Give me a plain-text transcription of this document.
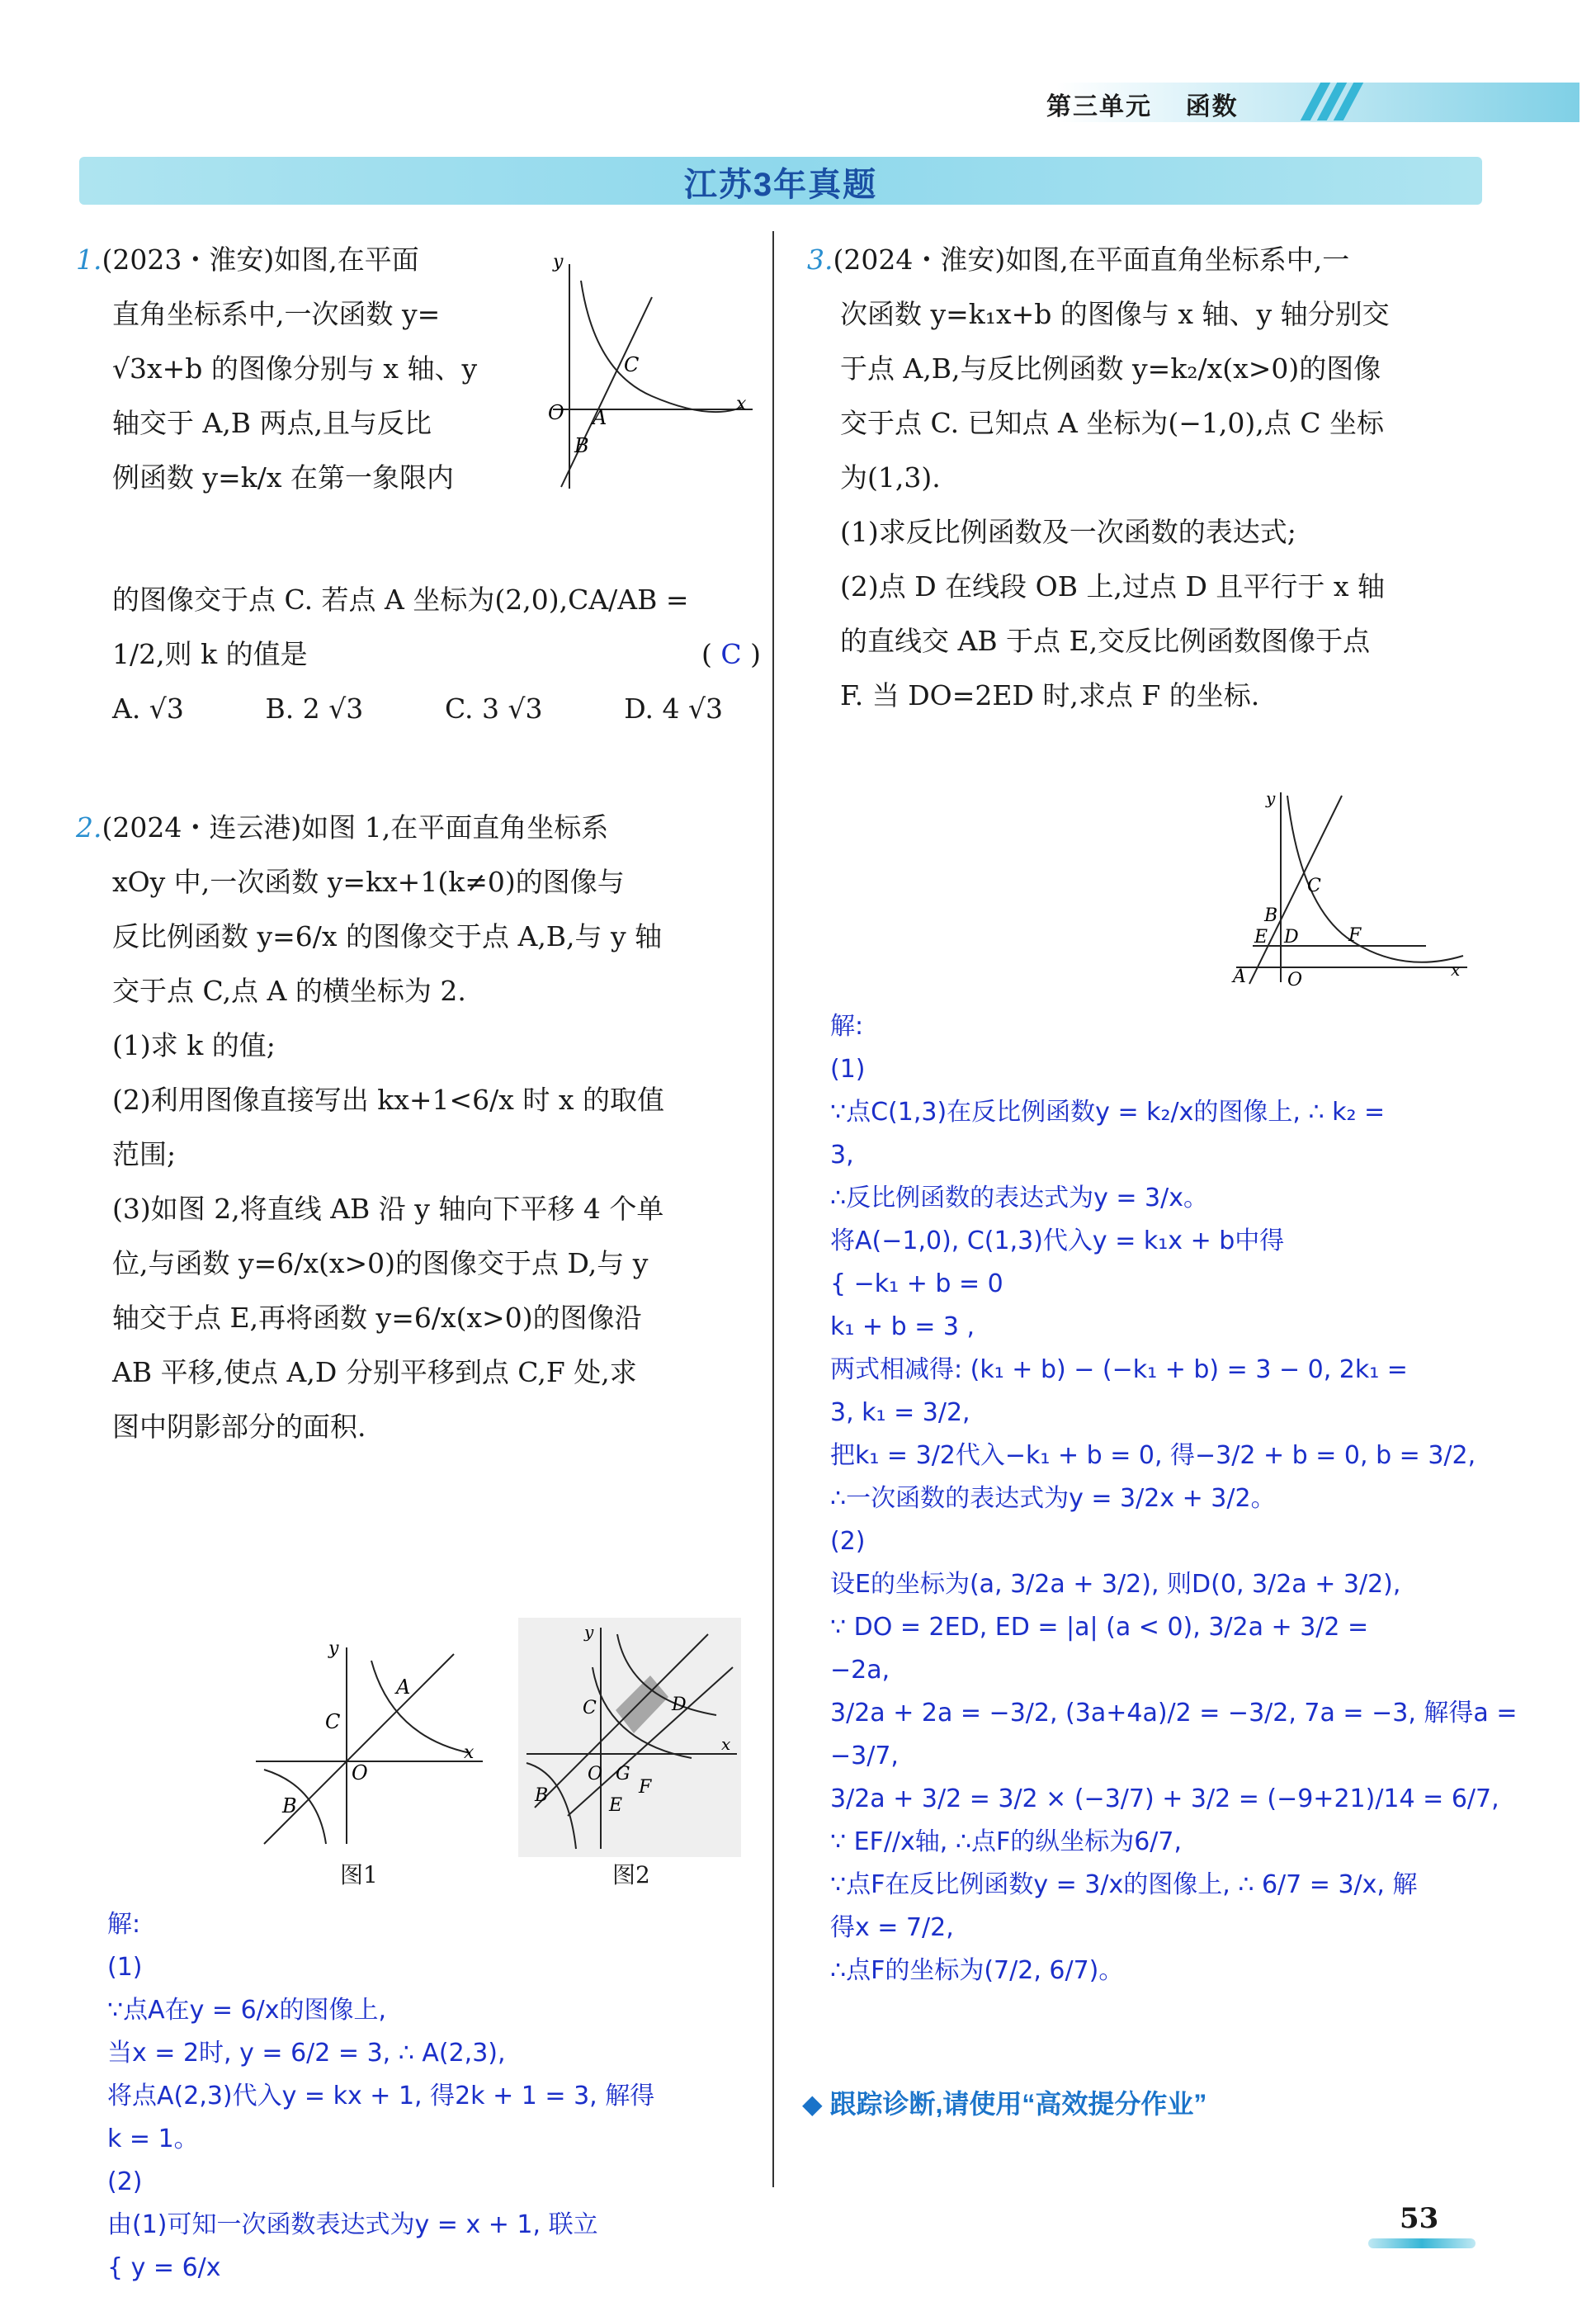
第三单元 函数
江苏3年真题

1.(2023・淮安)如图,在平面

直角坐标系中,一次函数 y=

√3x+b 的图像分别与 x 轴、y

轴交于 A,B 两点,且与反比

例函数 y=k/x 在第一象限内

O A
B
C
x
y

的图像交于点 C. 若点 A 坐标为(2,0),CA/AB =

1/2,则 k 的值是	( C )

A. √3	B. 2 √3	C. 3 √3	D. 4 √3

2.(2024・连云港)如图 1,在平面直角坐标系

xOy 中,一次函数 y=kx+1(k≠0)的图像与

反比例函数 y=6/x 的图像交于点 A,B,与 y 轴

交于点 C,点 A 的横坐标为 2.

(1)求 k 的值;

(2)利用图像直接写出 kx+1<6/x 时 x 的取值

范围;

(3)如图 2,将直线 AB 沿 y 轴向下平移 4 个单

位,与函数 y=6/x(x>0)的图像交于点 D,与 y

轴交于点 E,再将函数 y=6/x(x>0)的图像沿

AB 平移,使点 A,D 分别平移到点 C,F 处,求

图中阴影部分的面积.

A
C
O
B
x
y
图1
C	D
O G
F
E
B
x
y
图2

解:

(1)

∵点A在y = 6/x的图像上,

当x = 2时, y = 6/2 = 3, ∴ A(2,3),

将点A(2,3)代入y = kx + 1, 得2k + 1 = 3, 解得

k = 1。

(2)

由(1)可知一次函数表达式为y = x + 1, 联立

{ y = 6/x

3.(2024・淮安)如图,在平面直角坐标系中,一

次函数 y=k₁x+b 的图像与 x 轴、y 轴分别交

于点 A,B,与反比例函数 y=k₂/x(x>0)的图像

交于点 C. 已知点 A 坐标为(−1,0),点 C 坐标

为(1,3).

(1)求反比例函数及一次函数的表达式;

(2)点 D 在线段 OB 上,过点 D 且平行于 x 轴

的直线交 AB 于点 E,交反比例函数图像于点

F. 当 DO=2ED 时,求点 F 的坐标.

A O
B
E D
C
F
x
y

解:

(1)

∵点C(1,3)在反比例函数y = k₂/x的图像上, ∴ k₂ =

3,

∴反比例函数的表达式为y = 3/x。

将A(−1,0), C(1,3)代入y = k₁x + b中得

{ −k₁ + b = 0

k₁ + b = 3 ,

两式相减得: (k₁ + b) − (−k₁ + b) = 3 − 0, 2k₁ =

3, k₁ = 3/2,

把k₁ = 3/2代入−k₁ + b = 0, 得−3/2 + b = 0, b = 3/2,

∴一次函数的表达式为y = 3/2x + 3/2。

(2)

设E的坐标为(a, 3/2a + 3/2), 则D(0, 3/2a + 3/2),

∵ DO = 2ED, ED = |a| (a < 0), 3/2a + 3/2 =

−2a,

3/2a + 2a = −3/2, (3a+4a)/2 = −3/2, 7a = −3, 解得a =

−3/7,

3/2a + 3/2 = 3/2 × (−3/7) + 3/2 = (−9+21)/14 = 6/7,

∵ EF//x轴, ∴点F的纵坐标为6/7,

∵点F在反比例函数y = 3/x的图像上, ∴ 6/7 = 3/x, 解

得x = 7/2,

∴点F的坐标为(7/2, 6/7)。

◆ 跟踪诊断,请使用“高效提分作业”
53
